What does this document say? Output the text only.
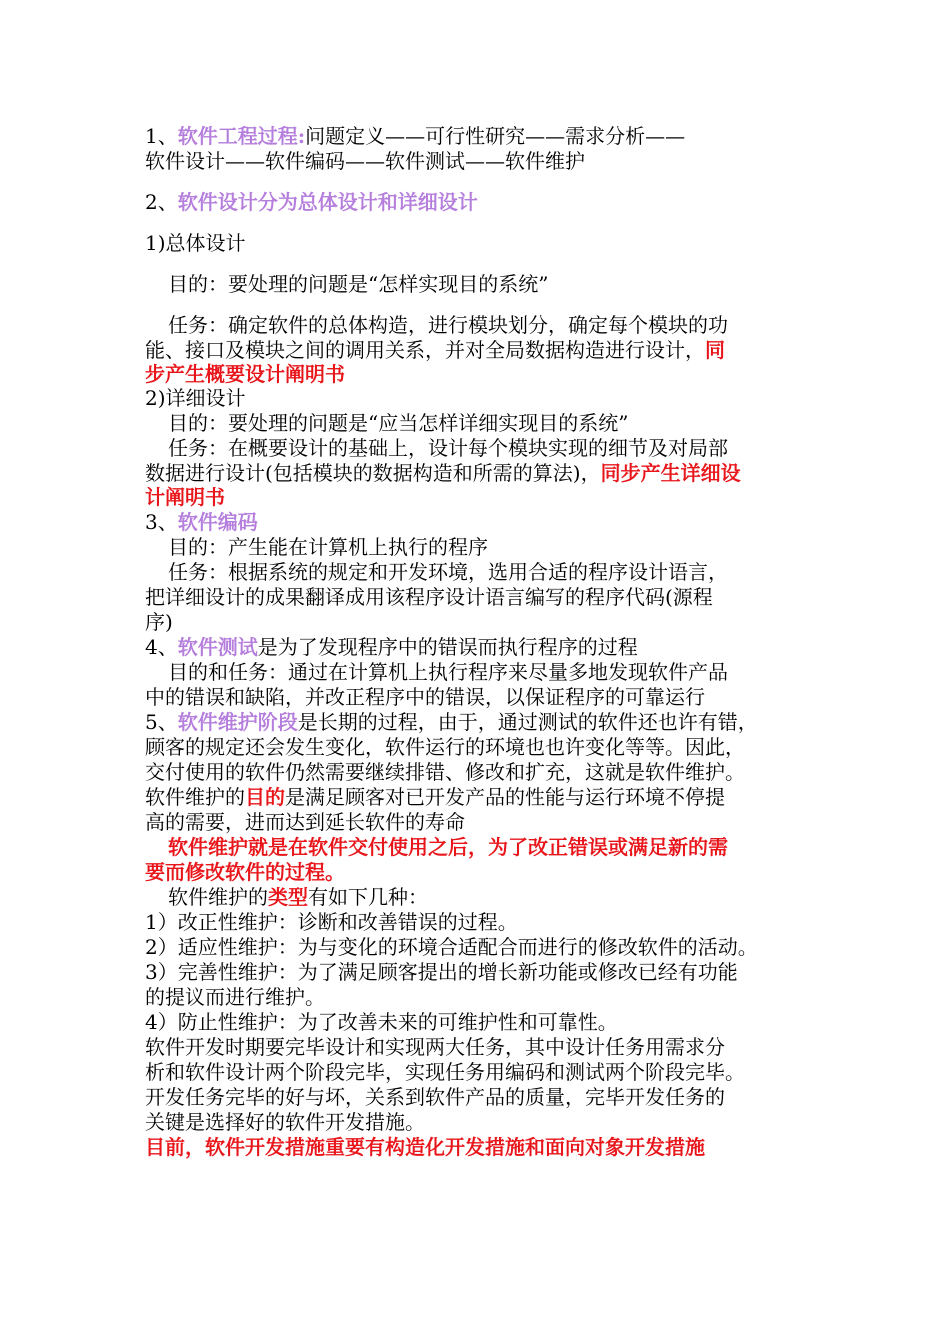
1、软件工程过程:问题定义——可行性研究——需求分析——
软件设计——软件编码——软件测试——软件维护
2、软件设计分为总体设计和详细设计
1)总体设计
目的：要处理的问题是“怎样实现目的系统”
任务：确定软件的总体构造，进行模块划分，确定每个模块的功
能、接口及模块之间的调用关系，并对全局数据构造进行设计，同
步产生概要设计阐明书
2)详细设计
目的：要处理的问题是“应当怎样详细实现目的系统”
任务：在概要设计的基础上，设计每个模块实现的细节及对局部
数据进行设计(包括模块的数据构造和所需的算法)，同步产生详细设
计阐明书
3、软件编码
目的：产生能在计算机上执行的程序
任务：根据系统的规定和开发环境，选用合适的程序设计语言，
把详细设计的成果翻译成用该程序设计语言编写的程序代码(源程
序)
4、软件测试是为了发现程序中的错误而执行程序的过程
目的和任务：通过在计算机上执行程序来尽量多地发现软件产品
中的错误和缺陷，并改正程序中的错误，以保证程序的可靠运行
5、软件维护阶段是长期的过程，由于，通过测试的软件还也许有错，
顾客的规定还会发生变化，软件运行的环境也也许变化等等。因此，
交付使用的软件仍然需要继续排错、修改和扩充，这就是软件维护。
软件维护的目的是满足顾客对已开发产品的性能与运行环境不停提
高的需要，进而达到延长软件的寿命
软件维护就是在软件交付使用之后，为了改正错误或满足新的需
要而修改软件的过程。
软件维护的类型有如下几种：
1）改正性维护：诊断和改善错误的过程。
2）适应性维护：为与变化的环境合适配合而进行的修改软件的活动。
3）完善性维护：为了满足顾客提出的增长新功能或修改已经有功能
的提议而进行维护。
4）防止性维护：为了改善未来的可维护性和可靠性。
软件开发时期要完毕设计和实现两大任务，其中设计任务用需求分
析和软件设计两个阶段完毕，实现任务用编码和测试两个阶段完毕。
开发任务完毕的好与坏，关系到软件产品的质量，完毕开发任务的
关键是选择好的软件开发措施。
目前，软件开发措施重要有构造化开发措施和面向对象开发措施
